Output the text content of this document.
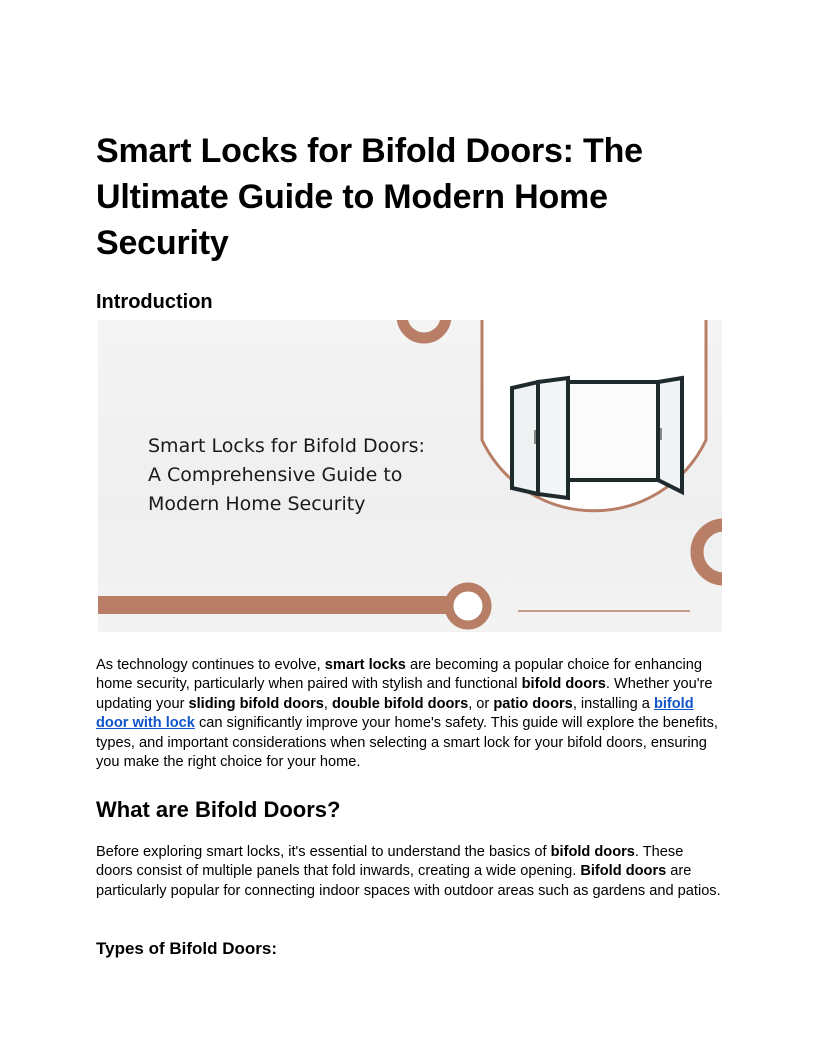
Smart Locks for Bifold Doors: The Ultimate Guide to Modern Home Security
Introduction
Smart Locks for Bifold Doors:
A Comprehensive Guide to
Modern Home Security

As technology continues to evolve, smart locks are becoming a popular choice for enhancing home security, particularly when paired with stylish and functional bifold doors. Whether you're updating your sliding bifold doors, double bifold doors, or patio doors, installing a bifold door with lock can significantly improve your home's safety. This guide will explore the benefits, types, and important considerations when selecting a smart lock for your bifold doors, ensuring you make the right choice for your home.

What are Bifold Doors?

Before exploring smart locks, it's essential to understand the basics of bifold doors. These doors consist of multiple panels that fold inwards, creating a wide opening. Bifold doors are particularly popular for connecting indoor spaces with outdoor areas such as gardens and patios.

Types of Bifold Doors:
